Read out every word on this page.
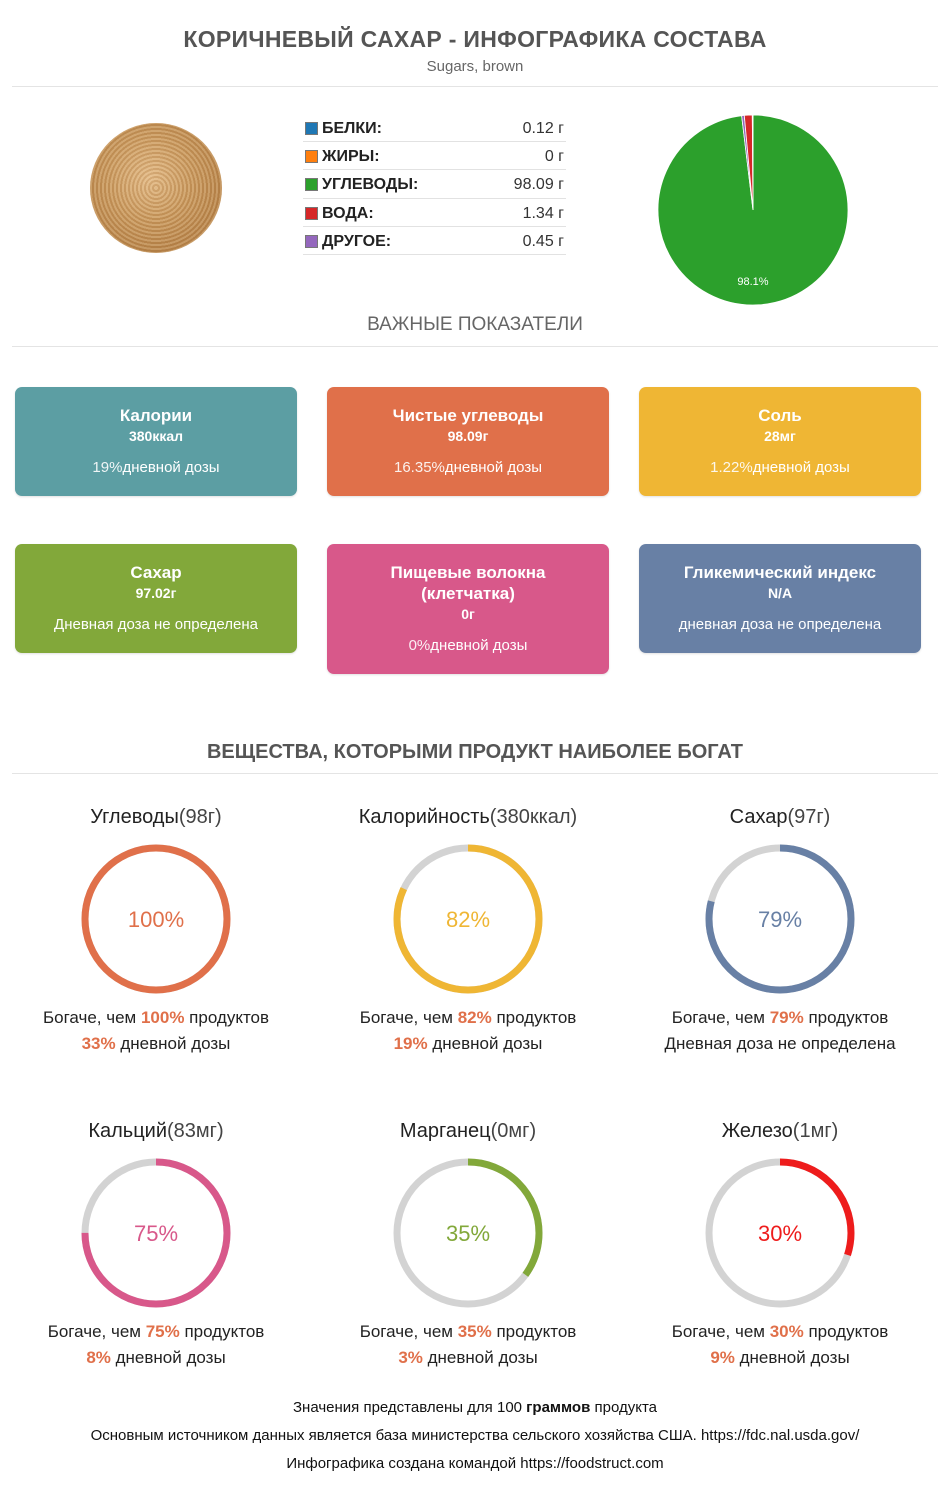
КОРИЧНЕВЫЙ САХАР - ИНФОГРАФИКА СОСТАВА
Sugars, brown
БЕЛКИ:	0.12 г
ЖИРЫ:	0 г
УГЛЕВОДЫ:	98.09 г
ВОДА:	1.34 г
ДРУГОЕ:	0.45 г
98.1%
ВАЖНЫЕ ПОКАЗАТЕЛИ
Калории
380ккал
19%дневной дозы
Чистые углеводы
98.09г
16.35%дневной дозы
Соль
28мг
1.22%дневной дозы
Сахар
97.02г
Дневная доза не определена
Пищевые волокна (клетчатка)
0г
0%дневной дозы
Гликемический индекс
N/A
дневная доза не определена
ВЕЩЕСТВА, КОТОРЫМИ ПРОДУКТ НАИБОЛЕЕ БОГАТ
Углеводы(98г)
100%
Богаче, чем 100% продуктов
33% дневной дозы
Калорийность(380ккал)
82%
Богаче, чем 82% продуктов
19% дневной дозы
Сахар(97г)
79%
Богаче, чем 79% продуктов
Дневная доза не определена
Кальций(83мг)
75%
Богаче, чем 75% продуктов
8% дневной дозы
Марганец(0мг)
35%
Богаче, чем 35% продуктов
3% дневной дозы
Железо(1мг)
30%
Богаче, чем 30% продуктов
9% дневной дозы
Значения представлены для 100 граммов продукта
Основным источником данных является база министерства сельского хозяйства США. https://fdc.nal.usda.gov/
Инфографика создана командой https://foodstruct.com
